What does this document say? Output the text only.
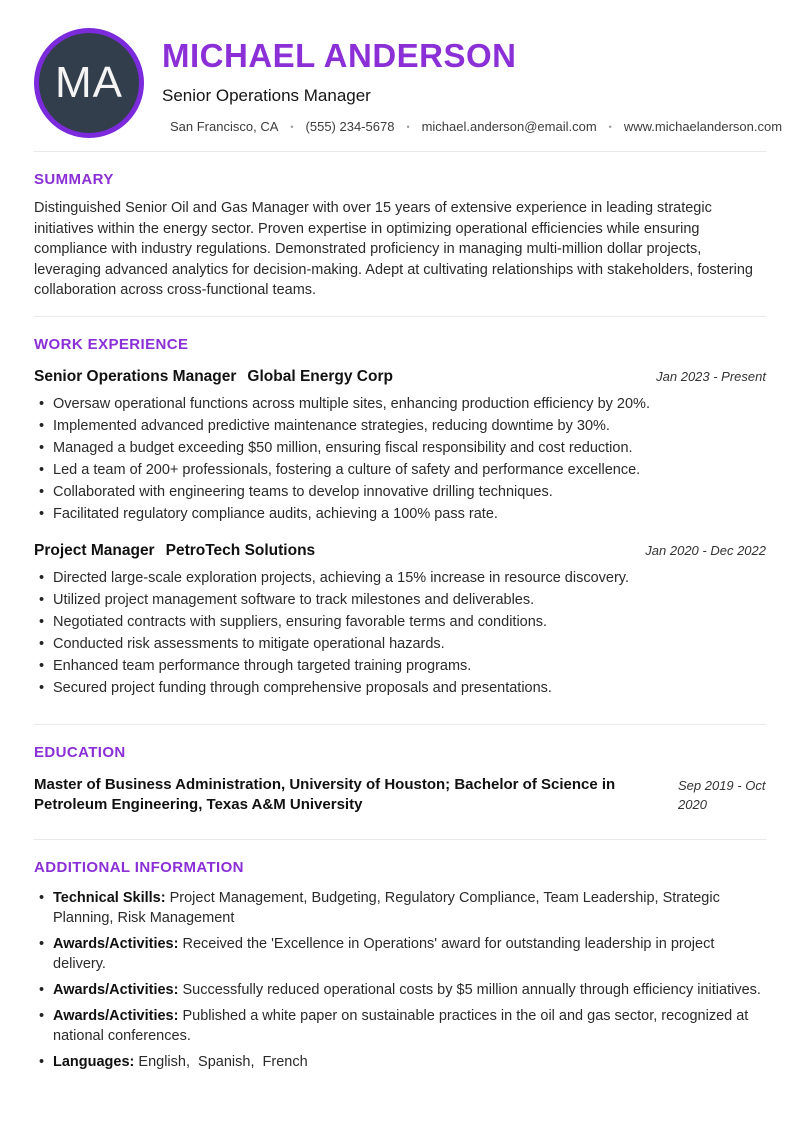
MA
MICHAEL ANDERSON
Senior Operations Manager
San Francisco, CA • (555) 234-5678 • michael.anderson@email.com • www.michaelanderson.com
SUMMARY

Distinguished Senior Oil and Gas Manager with over 15 years of extensive experience in leading strategic initiatives within the energy sector. Proven expertise in optimizing operational efficiencies while ensuring compliance with industry regulations. Demonstrated proficiency in managing multi-million dollar projects, leveraging advanced analytics for decision-making. Adept at cultivating relationships with stakeholders, fostering collaboration across cross-functional teams.

WORK EXPERIENCE
Senior Operations Manager Global Energy Corp	Jan 2023 - Present
• Oversaw operational functions across multiple sites, enhancing production efficiency by 20%.
• Implemented advanced predictive maintenance strategies, reducing downtime by 30%.
• Managed a budget exceeding $50 million, ensuring fiscal responsibility and cost reduction.
• Led a team of 200+ professionals, fostering a culture of safety and performance excellence.
• Collaborated with engineering teams to develop innovative drilling techniques.
• Facilitated regulatory compliance audits, achieving a 100% pass rate.
Project Manager PetroTech Solutions	Jan 2020 - Dec 2022
• Directed large-scale exploration projects, achieving a 15% increase in resource discovery.
• Utilized project management software to track milestones and deliverables.
• Negotiated contracts with suppliers, ensuring favorable terms and conditions.
• Conducted risk assessments to mitigate operational hazards.
• Enhanced team performance through targeted training programs.
• Secured project funding through comprehensive proposals and presentations.
EDUCATION
Master of Business Administration, University of Houston; Bachelor of Science in Petroleum Engineering, Texas A&M University
Sep 2019 - Oct 2020
ADDITIONAL INFORMATION
• Technical Skills: Project Management, Budgeting, Regulatory Compliance, Team Leadership, Strategic Planning, Risk Management
• Awards/Activities: Received the 'Excellence in Operations' award for outstanding leadership in project delivery.
• Awards/Activities: Successfully reduced operational costs by $5 million annually through efficiency initiatives.
• Awards/Activities: Published a white paper on sustainable practices in the oil and gas sector, recognized at national conferences.
• Languages: English,  Spanish,  French
